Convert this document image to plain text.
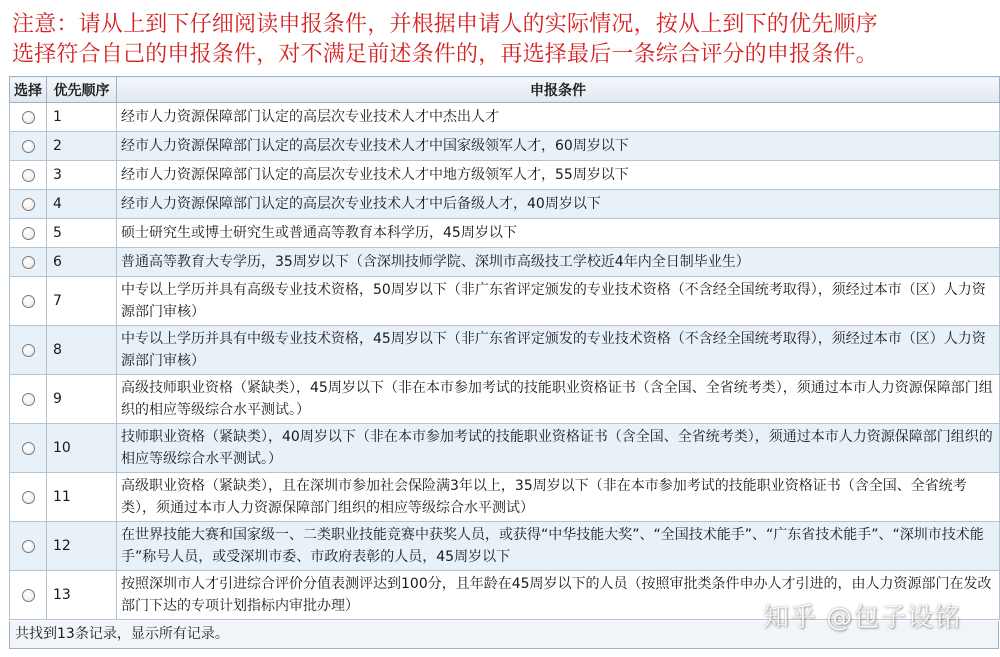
注意：请从上到下仔细阅读申报条件，并根据申请人的实际情况，按从上到下的优先顺序
选择符合自己的申报条件，对不满足前述条件的，再选择最后一条综合评分的申报条件。
选择	优先顺序	申报条件
	1	经市人力资源保障部门认定的高层次专业技术人才中杰出人才
	2	经市人力资源保障部门认定的高层次专业技术人才中国家级领军人才，60周岁以下
	3	经市人力资源保障部门认定的高层次专业技术人才中地方级领军人才，55周岁以下
	4	经市人力资源保障部门认定的高层次专业技术人才中后备级人才，40周岁以下
	5	硕士研究生或博士研究生或普通高等教育本科学历，45周岁以下
	6	普通高等教育大专学历，35周岁以下（含深圳技师学院、深圳市高级技工学校近4年内全日制毕业生）
	7	中专以上学历并具有高级专业技术资格，50周岁以下（非广东省评定颁发的专业技术资格（不含经全国统考取得），须经过本市（区）人力资源部门审核）
	8	中专以上学历并具有中级专业技术资格，45周岁以下（非广东省评定颁发的专业技术资格（不含经全国统考取得），须经过本市（区）人力资源部门审核）
	9	高级技师职业资格（紧缺类），45周岁以下（非在本市参加考试的技能职业资格证书（含全国、全省统考类），须通过本市人力资源保障部门组织的相应等级综合水平测试。）
	10	技师职业资格（紧缺类），40周岁以下（非在本市参加考试的技能职业资格证书（含全国、全省统考类），须通过本市人力资源保障部门组织的相应等级综合水平测试。）
	11	高级职业资格（紧缺类），且在深圳市参加社会保险满3年以上，35周岁以下（非在本市参加考试的技能职业资格证书（含全国、全省统考类），须通过本市人力资源保障部门组织的相应等级综合水平测试）
	12	在世界技能大赛和国家级一、二类职业技能竞赛中获奖人员，或获得“中华技能大奖”、“全国技术能手”、“广东省技术能手”、“深圳市技术能手”称号人员，或受深圳市委、市政府表彰的人员，45周岁以下
	13	按照深圳市人才引进综合评价分值表测评达到100分，且年龄在45周岁以下的人员（按照审批类条件申办人才引进的，由人力资源部门在发改部门下达的专项计划指标内审批办理）
共找到13条记录，显示所有记录。
知乎 @包子设铭
